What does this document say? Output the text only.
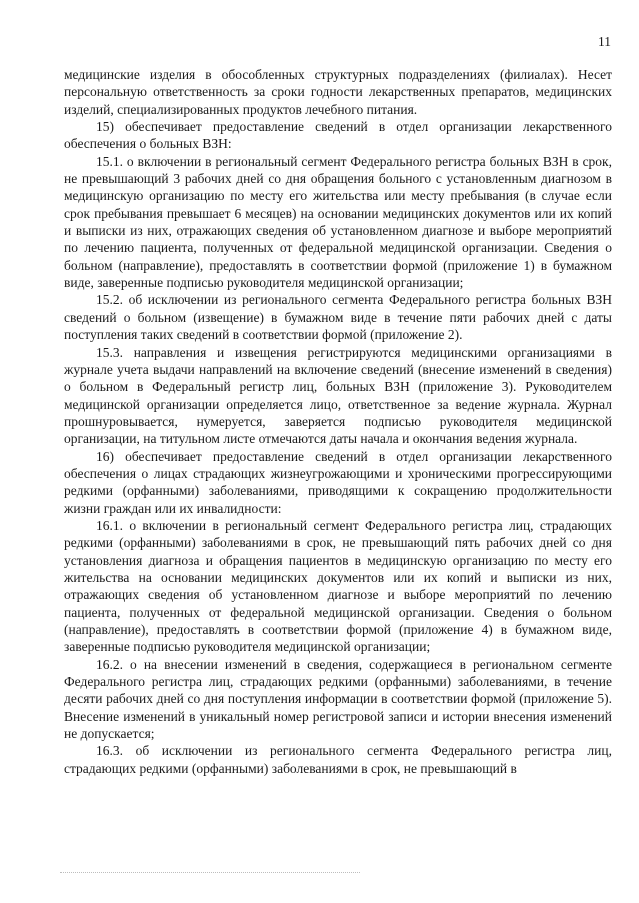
11

медицинские изделия в обособленных структурных подразделениях (филиалах). Несет персональную ответственность за сроки годности лекарственных препаратов, медицинских изделий, специализированных продуктов лечебного питания.

15) обеспечивает предоставление сведений в отдел организации лекарственного обеспечения о больных ВЗН:

15.1. о включении в региональный сегмент Федерального регистра больных ВЗН в срок, не превышающий 3 рабочих дней со дня обращения больного с установленным диагнозом в медицинскую организацию по месту его жительства или месту пребывания (в случае если срок пребывания превышает 6 месяцев) на основании медицинских документов или их копий и выписки из них, отражающих сведения об установленном диагнозе и выборе мероприятий по лечению пациента, полученных от федеральной медицинской организации. Сведения о больном (направление), предоставлять в соответствии формой (приложение 1) в бумажном виде, заверенные подписью руководителя медицинской организации;

15.2. об исключении из регионального сегмента Федерального регистра больных ВЗН сведений о больном (извещение) в бумажном виде в течение пяти рабочих дней с даты поступления таких сведений в соответствии формой (приложение 2).

15.3. направления и извещения регистрируются медицинскими организациями в журнале учета выдачи направлений на включение сведений (внесение изменений в сведения) о больном в Федеральный регистр лиц, больных ВЗН (приложение 3). Руководителем медицинской организации определяется лицо, ответственное за ведение журнала. Журнал прошнуровывается, нумеруется, заверяется подписью руководителя медицинской организации, на титульном листе отмечаются даты начала и окончания ведения журнала.

16) обеспечивает предоставление сведений в отдел организации лекарственного обеспечения о лицах страдающих жизнеугрожающими и хроническими прогрессирующими редкими (орфанными) заболеваниями, приводящими к сокращению продолжительности жизни граждан или их инвалидности:

16.1. о включении в региональный сегмент Федерального регистра лиц, страдающих редкими (орфанными) заболеваниями в срок, не превышающий пять рабочих дней со дня установления диагноза и обращения пациентов в медицинскую организацию по месту его жительства на основании медицинских документов или их копий и выписки из них, отражающих сведения об установленном диагнозе и выборе мероприятий по лечению пациента, полученных от федеральной медицинской организации. Сведения о больном (направление), предоставлять в соответствии формой (приложение 4) в бумажном виде, заверенные подписью руководителя медицинской организации;

16.2. о на внесении изменений в сведения, содержащиеся в региональном сегменте Федерального регистра лиц, страдающих редкими (орфанными) заболеваниями, в течение десяти рабочих дней со дня поступления информации в соответствии формой (приложение 5). Внесение изменений в уникальный номер регистровой записи и истории внесения изменений не допускается;

16.3. об исключении из регионального сегмента Федерального регистра лиц, страдающих редкими (орфанными) заболеваниями в срок, не превышающий в
